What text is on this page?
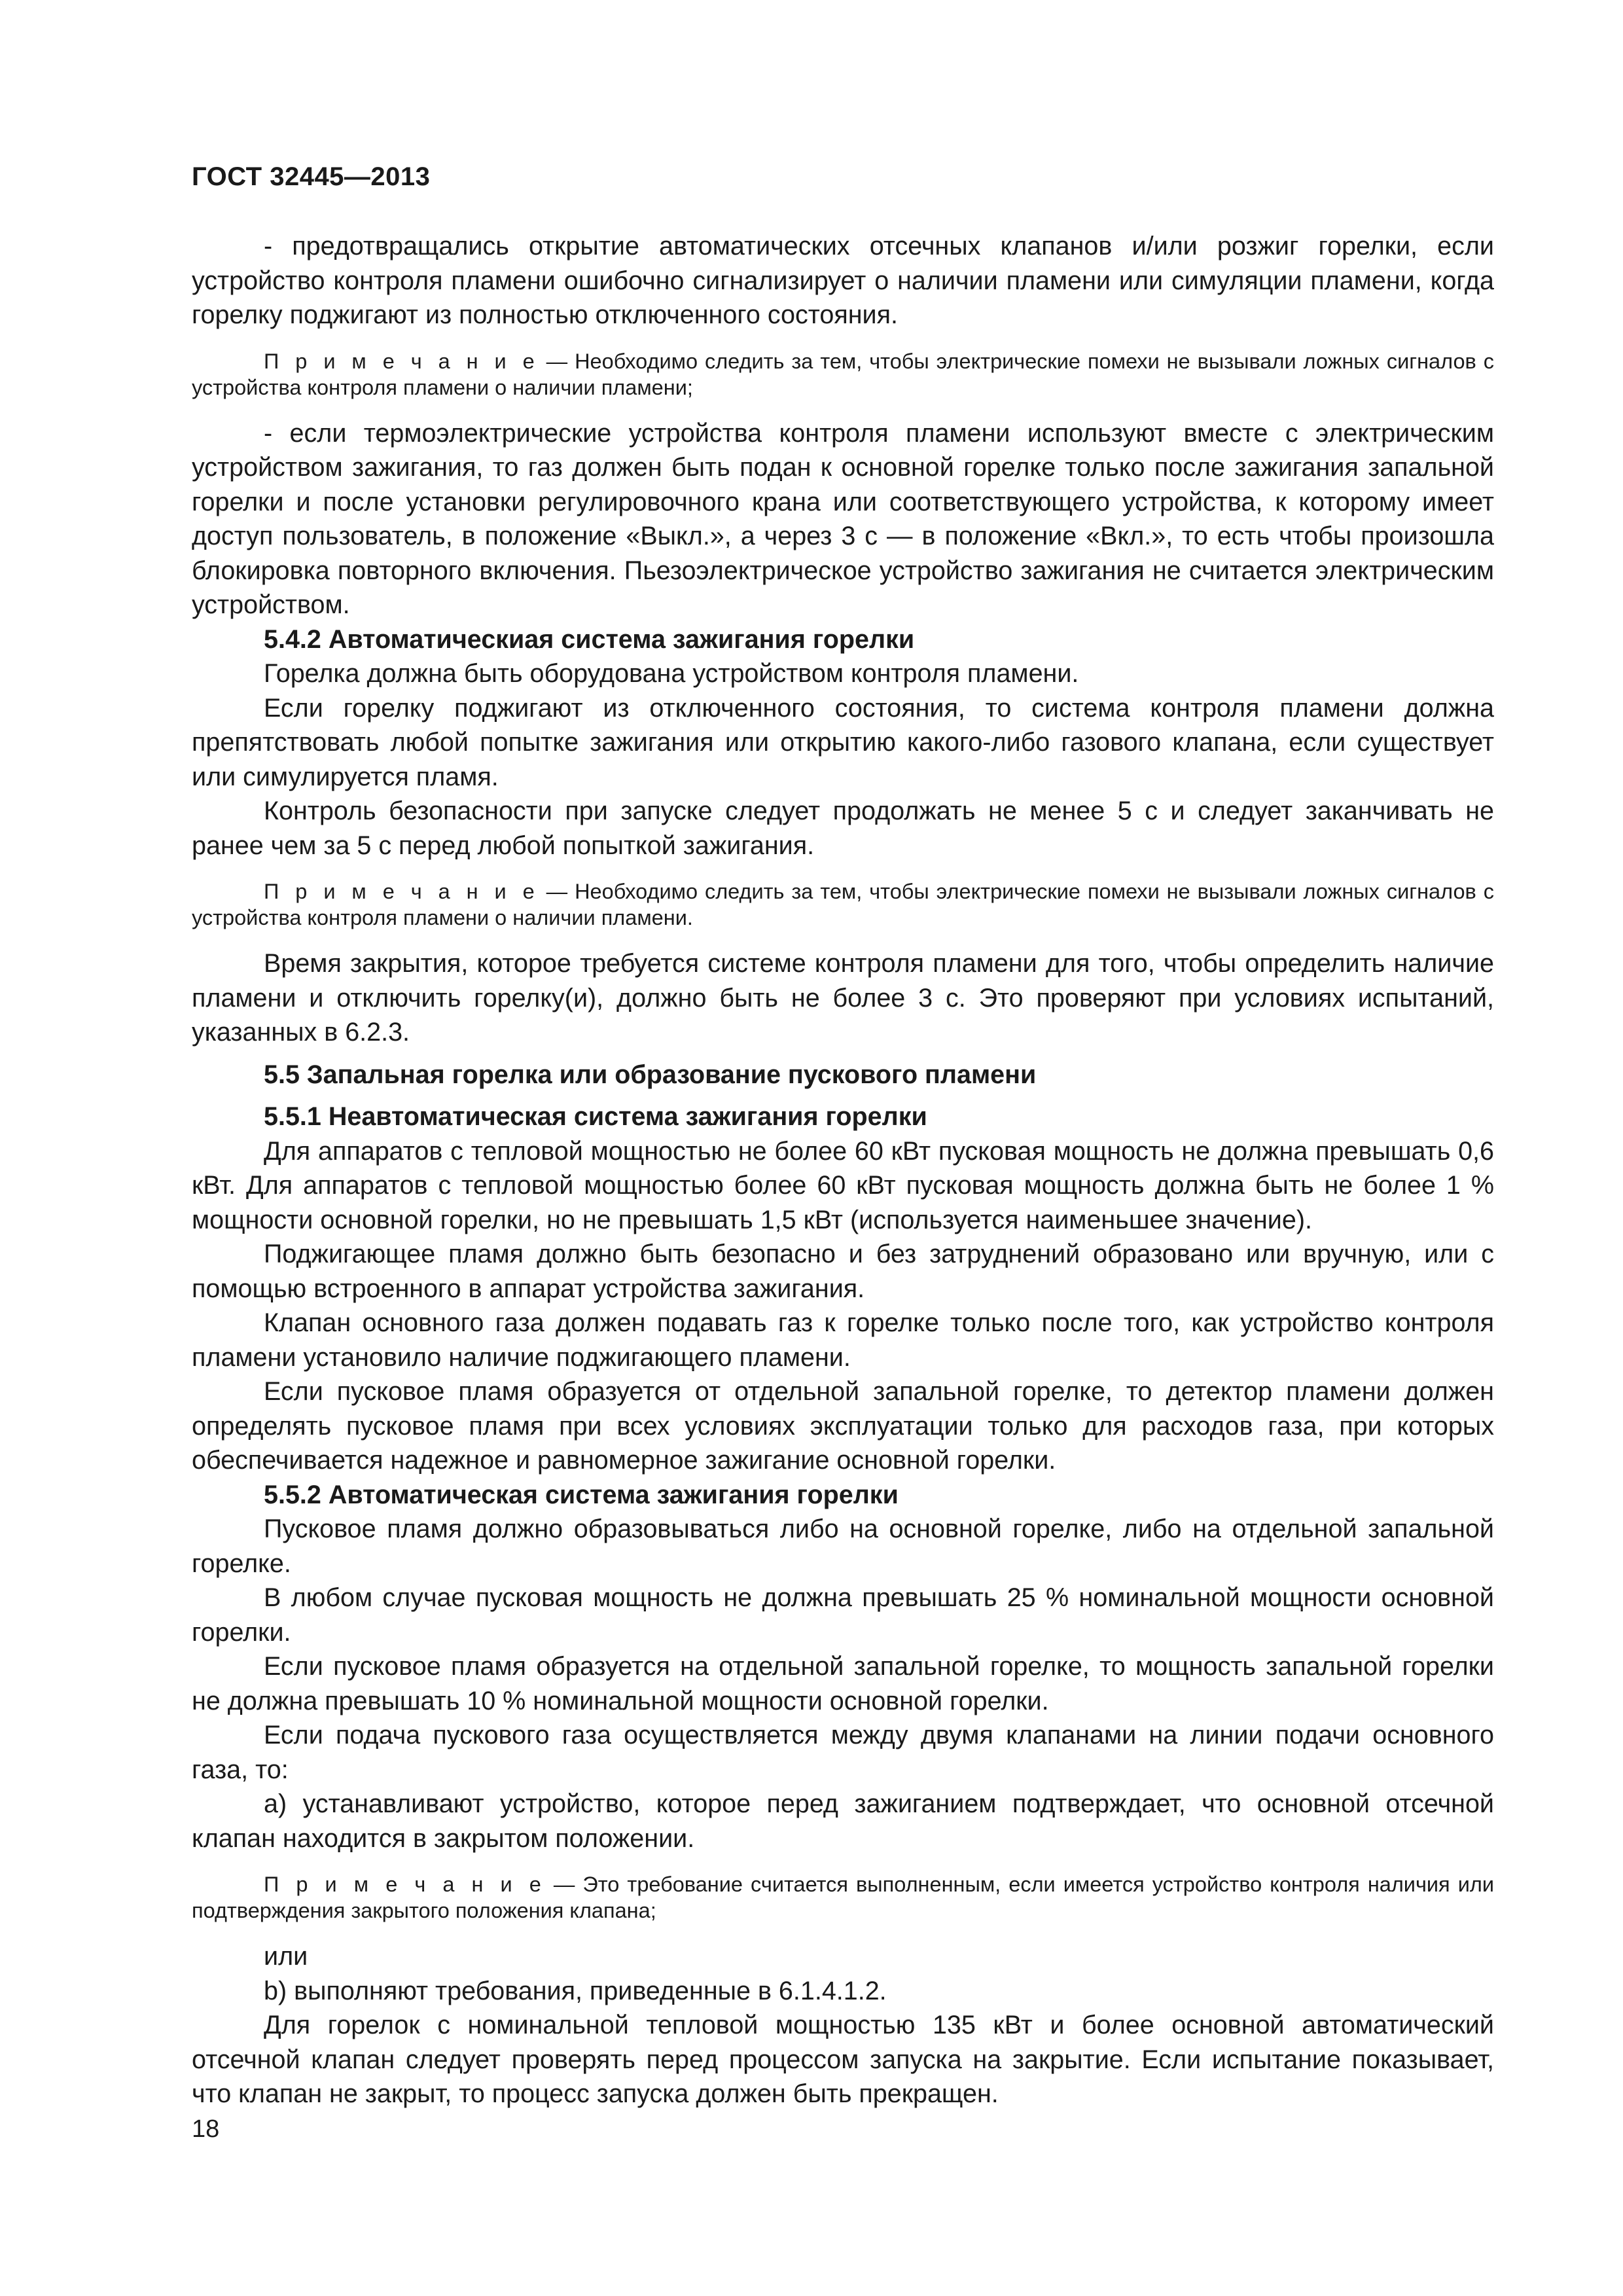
ГОСТ 32445—2013

- предотвращались открытие автоматических отсечных клапанов и/или розжиг горелки, если устройство контроля пламени ошибочно сигнализирует о наличии пламени или симуляции пламени, когда горелку поджигают из полностью отключенного состояния.

П р и м е ч а н и е — Необходимо следить за тем, чтобы электрические помехи не вызывали ложных сигналов с устройства контроля пламени о наличии пламени;

- если термоэлектрические устройства контроля пламени используют вместе с электрическим устройством зажигания, то газ должен быть подан к основной горелке только после зажигания запальной горелки и после установки регулировочного крана или соответствующего устройства, к которому имеет доступ пользователь, в положение «Выкл.», а через 3 с — в положение «Вкл.», то есть чтобы произошла блокировка повторного включения. Пьезоэлектрическое устройство зажигания не считается электрическим устройством.

5.4.2 Автоматическиая система зажигания горелки

Горелка должна быть оборудована устройством контроля пламени.

Если горелку поджигают из отключенного состояния, то система контроля пламени должна препятствовать любой попытке зажигания или открытию какого-либо газового клапана, если существует или симулируется пламя.

Контроль безопасности при запуске следует продолжать не менее 5 с и следует заканчивать не ранее чем за 5 с перед любой попыткой зажигания.

П р и м е ч а н и е — Необходимо следить за тем, чтобы электрические помехи не вызывали ложных сигналов с устройства контроля пламени о наличии пламени.

Время закрытия, которое требуется системе контроля пламени для того, чтобы определить наличие пламени и отключить горелку(и), должно быть не более 3 с. Это проверяют при условиях испытаний, указанных в 6.2.3.

5.5 Запальная горелка или образование пускового пламени
5.5.1 Неавтоматическая система зажигания горелки

Для аппаратов с тепловой мощностью не более 60 кВт пусковая мощность не должна превышать 0,6 кВт. Для аппаратов с тепловой мощностью более 60 кВт пусковая мощность должна быть не более 1 % мощности основной горелки, но не превышать 1,5 кВт (используется наименьшее значение).

Поджигающее пламя должно быть безопасно и без затруднений образовано или вручную, или с помощью встроенного в аппарат устройства зажигания.

Клапан основного газа должен подавать газ к горелке только после того, как устройство контроля пламени установило наличие поджигающего пламени.

Если пусковое пламя образуется от отдельной запальной горелке, то детектор пламени должен определять пусковое пламя при всех условиях эксплуатации только для расходов газа, при которых обеспечивается надежное и равномерное зажигание основной горелки.

5.5.2 Автоматическая система зажигания горелки

Пусковое пламя должно образовываться либо на основной горелке, либо на отдельной запальной горелке.

В любом случае пусковая мощность не должна превышать 25 % номинальной мощности основной горелки.

Если пусковое пламя образуется на отдельной запальной горелке, то мощность запальной горелки не должна превышать 10 % номинальной мощности основной горелки.

Если подача пускового газа осуществляется между двумя клапанами на линии подачи основного газа, то:

а) устанавливают устройство, которое перед зажиганием подтверждает, что основной отсечной клапан находится в закрытом положении.

П р и м е ч а н и е — Это требование считается выполненным, если имеется устройство контроля наличия или подтверждения закрытого положения клапана;

или

b) выполняют требования, приведенные в 6.1.4.1.2.

Для горелок с номинальной тепловой мощностью 135 кВт и более основной автоматический отсечной клапан следует проверять перед процессом запуска на закрытие. Если испытание показывает, что клапан не закрыт, то процесс запуска должен быть прекращен.

18
